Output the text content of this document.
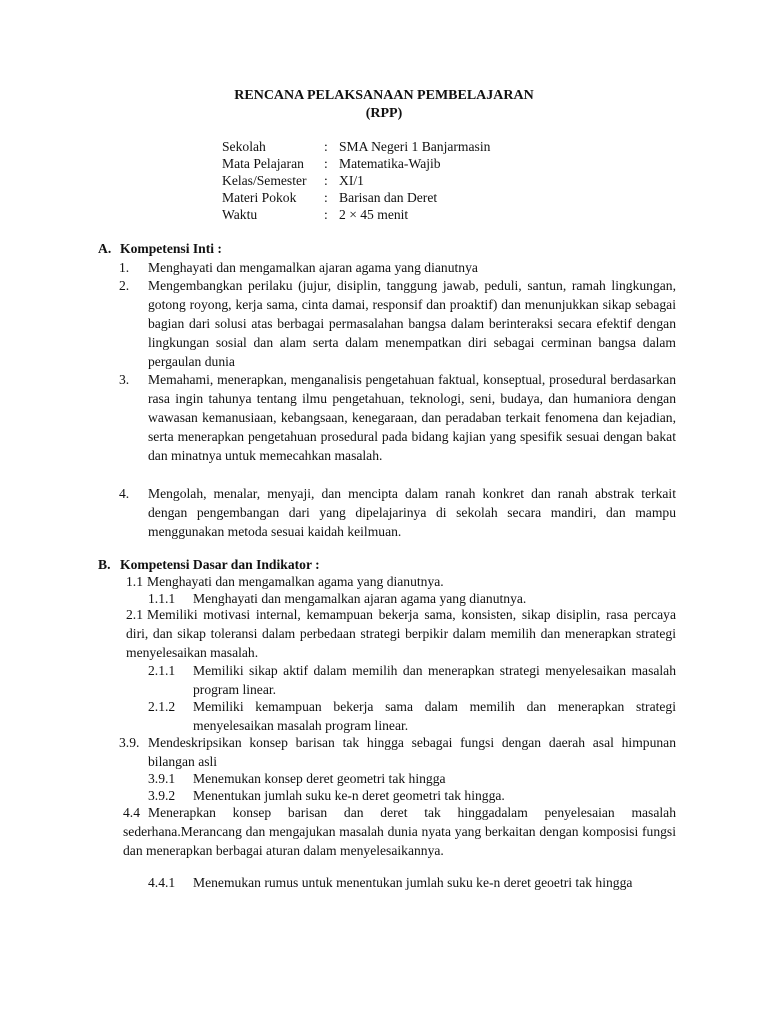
RENCANA PELAKSANAAN PEMBELAJARAN
(RPP)
Sekolah	: SMA Negeri 1 Banjarmasin
Mata Pelajaran : Matematika-Wajib
Kelas/Semester : XI/1
Materi Pokok : Barisan dan Deret
Waktu	: 2 × 45 menit
A. Kompetensi Inti :
1. Menghayati dan mengamalkan ajaran agama yang dianutnya
2. Mengembangkan perilaku (jujur, disiplin, tanggung jawab, peduli, santun, ramah lingkungan, gotong royong, kerja sama, cinta damai, responsif dan proaktif) dan menunjukkan sikap sebagai bagian dari solusi atas berbagai permasalahan bangsa dalam berinteraksi secara efektif dengan lingkungan sosial dan alam serta dalam menempatkan diri sebagai cerminan bangsa dalam pergaulan dunia
3. Memahami, menerapkan, menganalisis pengetahuan faktual, konseptual, prosedural berdasarkan rasa ingin tahunya tentang ilmu pengetahuan, teknologi, seni, budaya, dan humaniora dengan wawasan kemanusiaan, kebangsaan, kenegaraan, dan peradaban terkait fenomena dan kejadian, serta menerapkan pengetahuan prosedural pada bidang kajian yang spesifik sesuai dengan bakat dan minatnya untuk memecahkan masalah.
4. Mengolah, menalar, menyaji, dan mencipta dalam ranah konkret dan ranah abstrak terkait dengan pengembangan dari yang dipelajarinya di sekolah secara mandiri, dan mampu menggunakan metoda sesuai kaidah keilmuan.
B. Kompetensi Dasar dan Indikator :
1.1 Menghayati dan mengamalkan agama yang dianutnya.
1.1.1 Menghayati dan mengamalkan ajaran agama yang dianutnya.
2.1 Memiliki motivasi internal, kemampuan bekerja sama, konsisten, sikap disiplin, rasa percaya diri, dan sikap toleransi dalam perbedaan strategi berpikir dalam memilih dan menerapkan strategi menyelesaikan masalah.
2.1.1 Memiliki sikap aktif dalam memilih dan menerapkan strategi menyelesaikan masalah program linear.
2.1.2 Memiliki kemampuan bekerja sama dalam memilih dan menerapkan strategi menyelesaikan masalah program linear.
3.9. Mendeskripsikan konsep barisan tak hingga sebagai fungsi dengan daerah asal himpunan bilangan asli
3.9.1 Menemukan konsep deret geometri tak hingga
3.9.2 Menentukan jumlah suku ke-n deret geometri tak hingga.
4.4 Menerapkan konsep barisan dan deret tak hinggadalam penyelesaian masalah sederhana.Merancang dan mengajukan masalah dunia nyata yang berkaitan dengan komposisi fungsi dan menerapkan berbagai aturan dalam menyelesaikannya.
4.4.1 Menemukan rumus untuk menentukan jumlah suku ke-n deret geoetri tak hingga
